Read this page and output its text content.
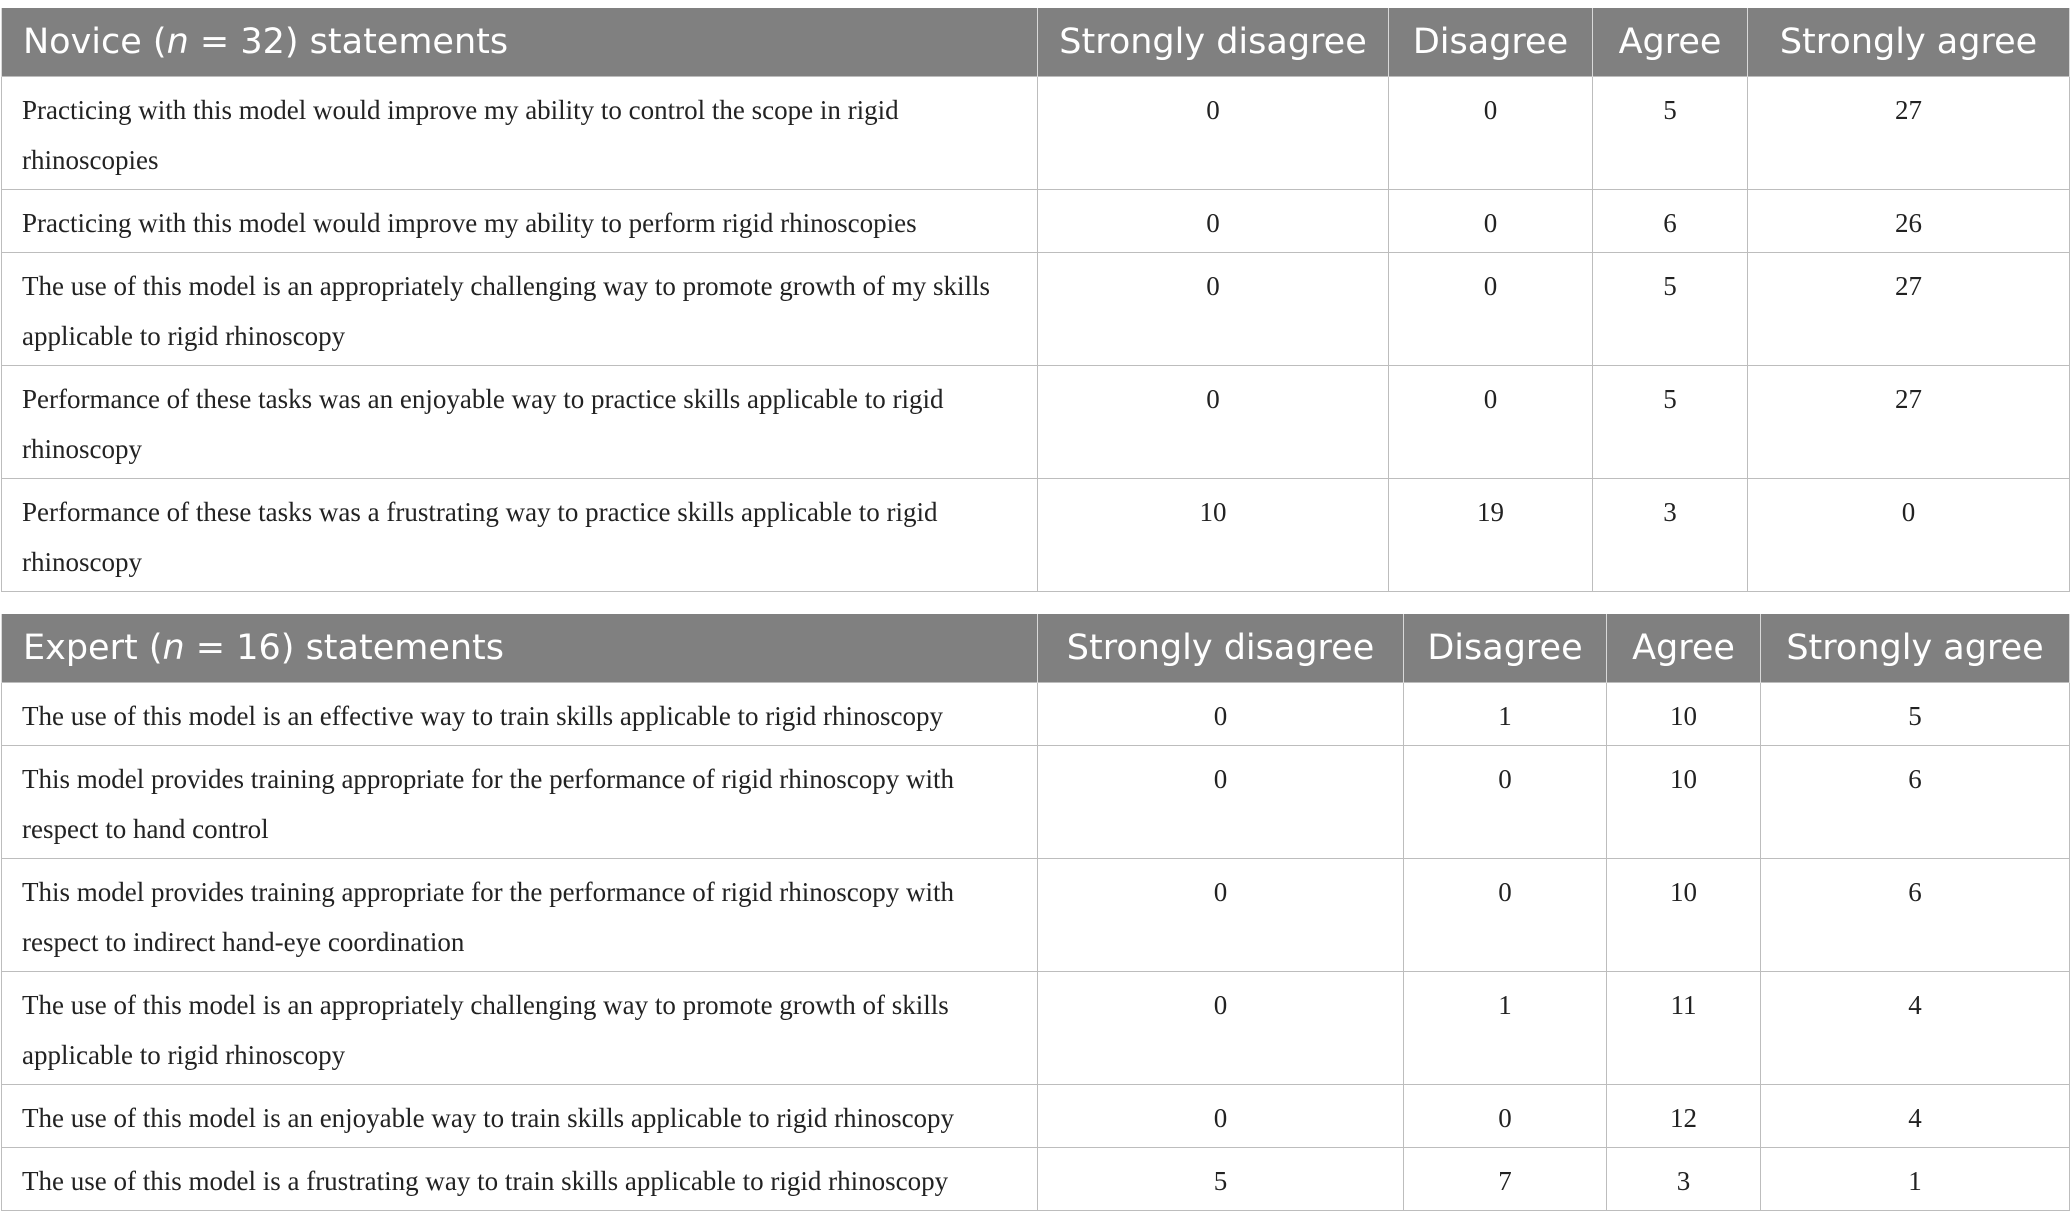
Novice (n = 32) statements	Strongly disagree	Disagree	Agree	Strongly agree
Practicing with this model would improve my ability to control the scope in rigid rhinoscopies	0	0	5	27
Practicing with this model would improve my ability to perform rigid rhinoscopies	0	0	6	26
The use of this model is an appropriately challenging way to promote growth of my skills applicable to rigid rhinoscopy	0	0	5	27
Performance of these tasks was an enjoyable way to practice skills applicable to rigid rhinoscopy	0	0	5	27
Performance of these tasks was a frustrating way to practice skills applicable to rigid rhinoscopy	10	19	3	0
Expert (n = 16) statements	Strongly disagree	Disagree	Agree	Strongly agree
The use of this model is an effective way to train skills applicable to rigid rhinoscopy	0	1	10	5
This model provides training appropriate for the performance of rigid rhinoscopy with respect to hand control	0	0	10	6
This model provides training appropriate for the performance of rigid rhinoscopy with respect to indirect hand-eye coordination	0	0	10	6
The use of this model is an appropriately challenging way to promote growth of skills applicable to rigid rhinoscopy	0	1	11	4
The use of this model is an enjoyable way to train skills applicable to rigid rhinoscopy	0	0	12	4
The use of this model is a frustrating way to train skills applicable to rigid rhinoscopy	5	7	3	1
